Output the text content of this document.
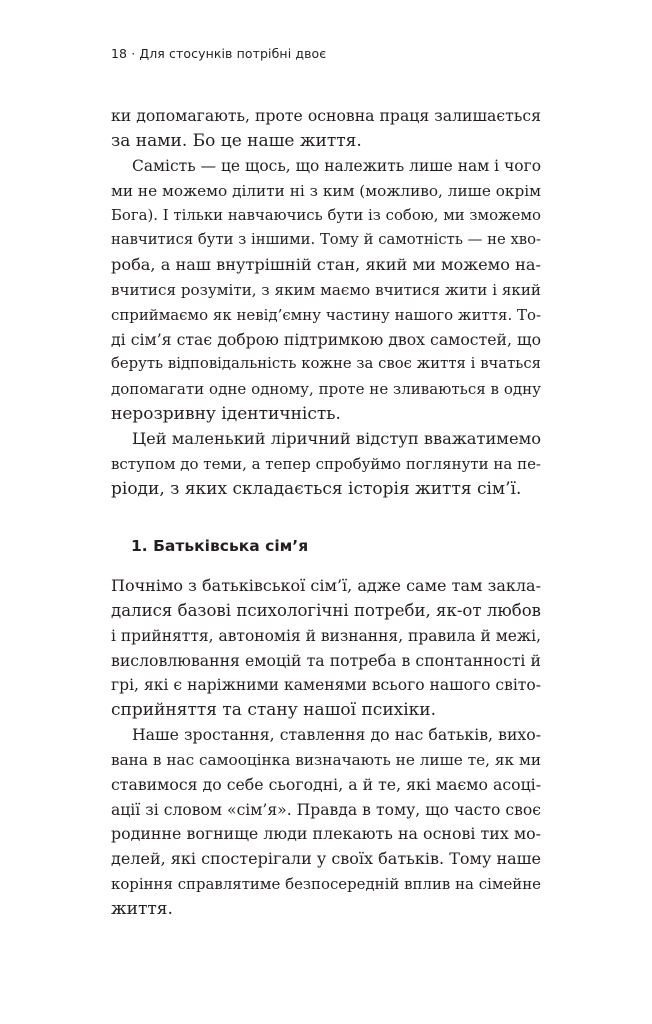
18 · Для стосунків потрібні двоє
ки допомагають, проте основна праця залишається
за нами. Бо це наше життя.
Самість — це щось, що належить лише нам і чого
ми не можемо ділити ні з ким (можливо, лише окрім
Бога). І тільки навчаючись бути із собою, ми зможемо
навчитися бути з іншими. Тому й самотність — не хво-
роба, а наш внутрішній стан, який ми можемо на-
вчитися розуміти, з яким маємо вчитися жити і який
сприймаємо як невід’ємну частину нашого життя. То-
ді сім’я стає доброю підтримкою двох самостей, що
беруть відповідальність кожне за своє життя і вчаться
допомагати одне одному, проте не зливаються в одну
нерозривну ідентичність.
Цей маленький ліричний відступ вважатимемо
вступом до теми, а тепер спробуймо поглянути на пе-
ріоди, з яких складається історія життя сім’ї.
1. Батьківська сім’я
Почнімо з батьківської сім’ї, адже саме там закла-
далися базові психологічні потреби, як-от любов
і прийняття, автономія й визнання, правила й межі,
висловлювання емоцій та потреба в спонтанності й
грі, які є наріжними каменями всього нашого світо-
сприйняття та стану нашої психіки.
Наше зростання, ставлення до нас батьків, вихо-
вана в нас самооцінка визначають не лише те, як ми
ставимося до себе сьогодні, а й те, які маємо асоці-
ації зі словом «сім’я». Правда в тому, що часто своє
родинне вогнище люди плекають на основі тих мо-
делей, які спостерігали у своїх батьків. Тому наше
коріння справлятиме безпосередній вплив на сімейне
життя.
